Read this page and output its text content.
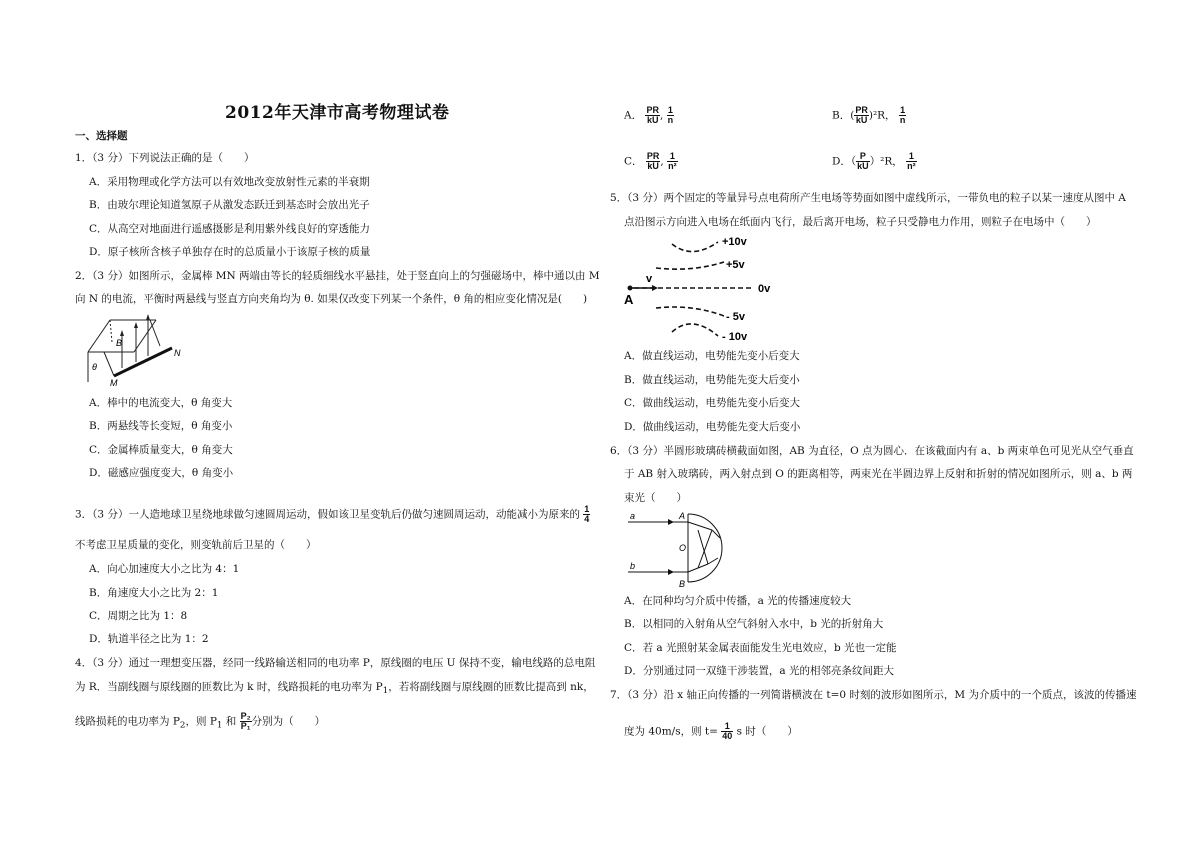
2012年天津市高考物理试卷
一、选择题
1．（3 分）下列说法正确的是（　　）
A．采用物理或化学方法可以有效地改变放射性元素的半衰期
B．由玻尔理论知道氢原子从激发态跃迁到基态时会放出光子
C．从高空对地面进行遥感摄影是利用紫外线良好的穿透能力
D．原子核所含核子单独存在时的总质量小于该原子核的质量
2．（3 分）如图所示，金属棒 MN 两端由等长的轻质细线水平悬挂，处于竖直向上的匀强磁场中，棒中通以由 M
向 N 的电流，平衡时两悬线与竖直方向夹角均为 θ. 如果仅改变下列某一个条件，θ 角的相应变化情况是(　　)
B
N
M
θ
A．棒中的电流变大，θ 角变大
B．两悬线等长变短，θ 角变小
C．金属棒质量变大，θ 角变大
D．磁感应强度变大，θ 角变小
3．（3 分）一人造地球卫星绕地球做匀速圆周运动，假如该卫星变轨后仍做匀速圆周运动，动能减小为原来的 $\frac{1}{4}$
不考虑卫星质量的变化，则变轨前后卫星的（　　）
A．向心加速度大小之比为 4：1
B．角速度大小之比为 2：1
C．周期之比为 1：8
D．轨道半径之比为 1：2
4．（3 分）通过一理想变压器，经同一线路输送相同的电功率 P，原线圈的电压 U 保持不变，输电线路的总电阻
为 R．当副线圈与原线圈的匝数比为 k 时，线路损耗的电功率为 $P_1$，若将副线圈与原线圈的匝数比提高到 nk，
线路损耗的电功率为 $P_2$，则 $P_1$ 和 $\frac{\text{P₂}}{\text{P₁}}$ 分别为（　　）
A． $\frac{PR}{kU}$ , $\frac{1}{n}$	B．( $\frac{PR}{kU} )^2R$， $\frac{1}{n}$
C． $\frac{PR}{kU}$ , $\frac{1}{\text{n²}}$	D．（ $\frac{P}{kU} )^2R$， $\frac{1}{\text{n²}}$
5．（3 分）两个固定的等量异号点电荷所产生电场等势面如图中虚线所示，一带负电的粒子以某一速度从图中 A
点沿图示方向进入电场在纸面内飞行，最后离开电场，粒子只受静电力作用，则粒子在电场中（　　）
+10v
+5v
0v
- 5v
- 10v
v
A
A．做直线运动，电势能先变小后变大
B．做直线运动，电势能先变大后变小
C．做曲线运动，电势能先变小后变大
D．做曲线运动，电势能先变大后变小
6．（3 分）半圆形玻璃砖横截面如图，AB 为直径，O 点为圆心．在该截面内有 a、b 两束单色可见光从空气垂直
于 AB 射入玻璃砖，两入射点到 O 的距离相等，两束光在半圆边界上反射和折射的情况如图所示，则 a、b 两
束光（　　）
a
b
A
B
O
A．在同种均匀介质中传播，a 光的传播速度较大
B．以相同的入射角从空气斜射入水中，b 光的折射角大
C．若 a 光照射某金属表面能发生光电效应，b 光也一定能
D．分别通过同一双缝干涉装置，a 光的相邻亮条纹间距大
7．（3 分）沿 x 轴正向传播的一列简谐横波在 t=0 时刻的波形如图所示，M 为介质中的一个质点，该波的传播速
度为 40m/s，则 $t= \frac{1}{40}$ s 时（　　）
